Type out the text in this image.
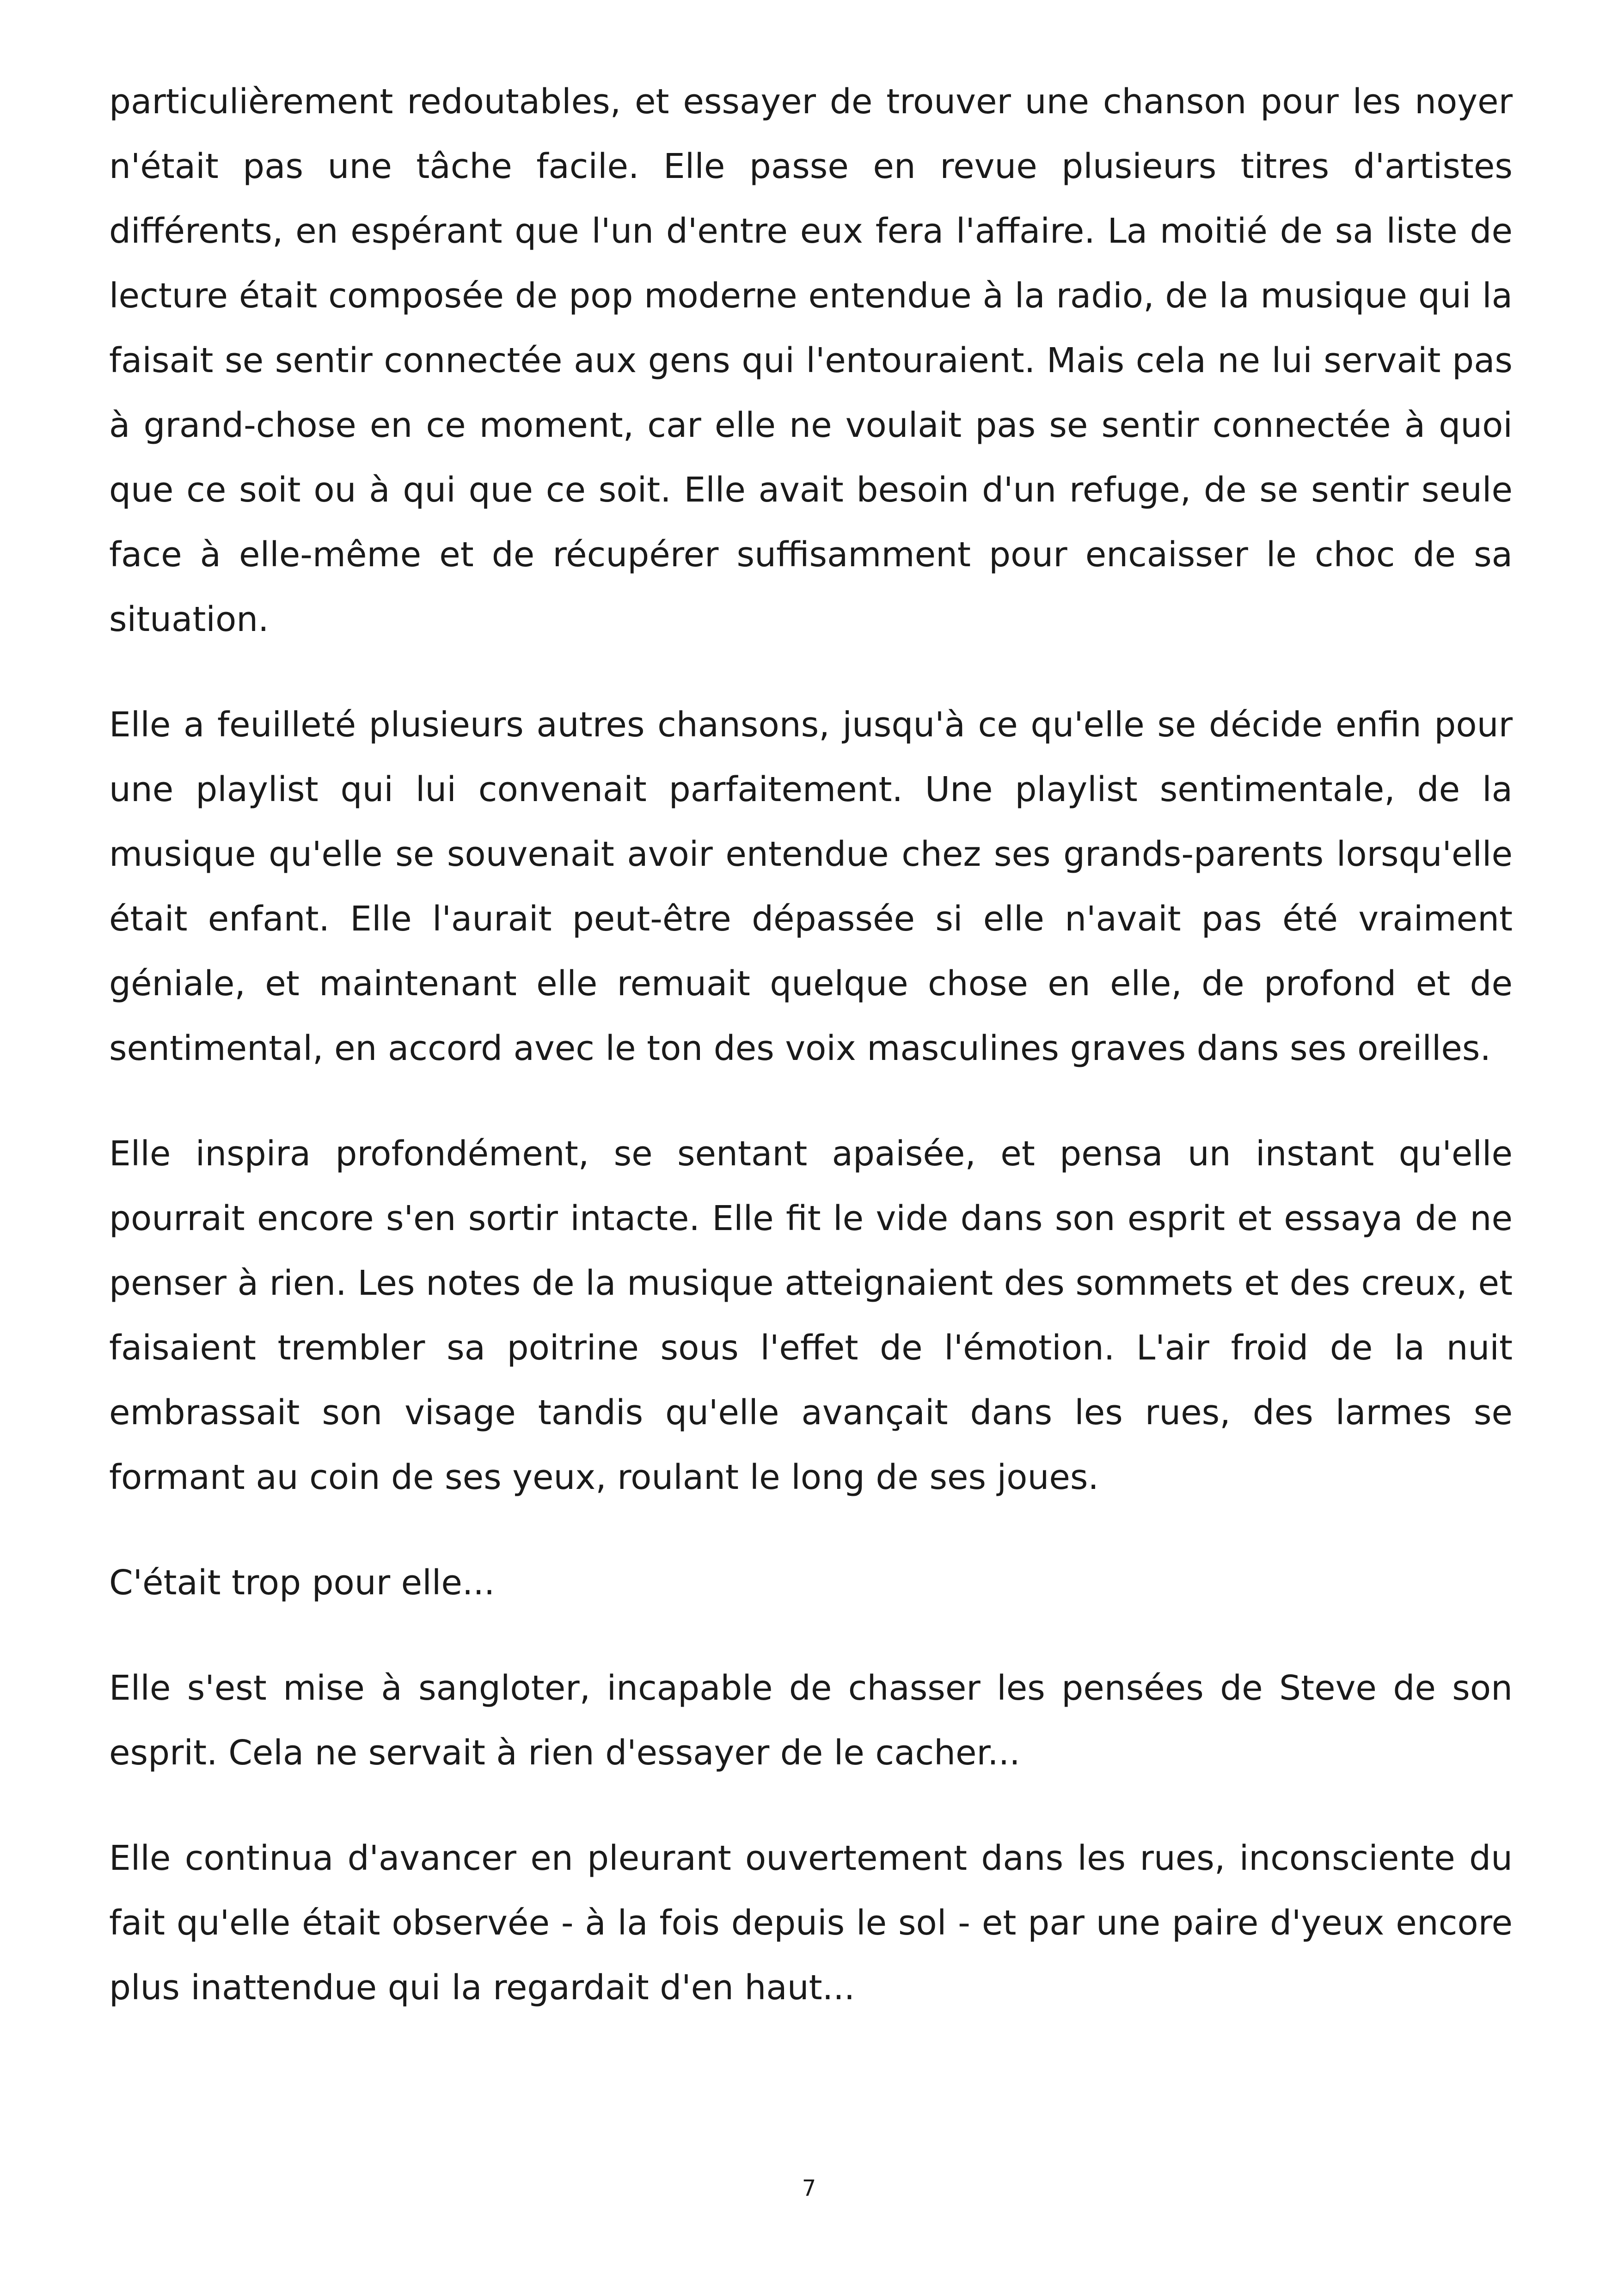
particulièrement redoutables, et essayer de trouver une chanson pour les noyer n'était pas une tâche facile. Elle passe en revue plusieurs titres d'artistes différents, en espérant que l'un d'entre eux fera l'affaire. La moitié de sa liste de lecture était composée de pop moderne entendue à la radio, de la musique qui la faisait se sentir connectée aux gens qui l'entouraient. Mais cela ne lui servait pas à grand-chose en ce moment, car elle ne voulait pas se sentir connectée à quoi que ce soit ou à qui que ce soit. Elle avait besoin d'un refuge, de se sentir seule face à elle-même et de récupérer suffisamment pour encaisser le choc de sa situation.

Elle a feuilleté plusieurs autres chansons, jusqu'à ce qu'elle se décide enfin pour une playlist qui lui convenait parfaitement. Une playlist sentimentale, de la musique qu'elle se souvenait avoir entendue chez ses grands-parents lorsqu'elle était enfant. Elle l'aurait peut-être dépassée si elle n'avait pas été vraiment géniale, et maintenant elle remuait quelque chose en elle, de profond et de sentimental, en accord avec le ton des voix masculines graves dans ses oreilles.

Elle inspira profondément, se sentant apaisée, et pensa un instant qu'elle pourrait encore s'en sortir intacte. Elle fit le vide dans son esprit et essaya de ne penser à rien. Les notes de la musique atteignaient des sommets et des creux, et faisaient trembler sa poitrine sous l'effet de l'émotion. L'air froid de la nuit embrassait son visage tandis qu'elle avançait dans les rues, des larmes se formant au coin de ses yeux, roulant le long de ses joues.

C'était trop pour elle...

Elle s'est mise à sangloter, incapable de chasser les pensées de Steve de son esprit. Cela ne servait à rien d'essayer de le cacher...

Elle continua d'avancer en pleurant ouvertement dans les rues, inconsciente du fait qu'elle était observée - à la fois depuis le sol - et par une paire d'yeux encore plus inattendue qui la regardait d'en haut...

7
